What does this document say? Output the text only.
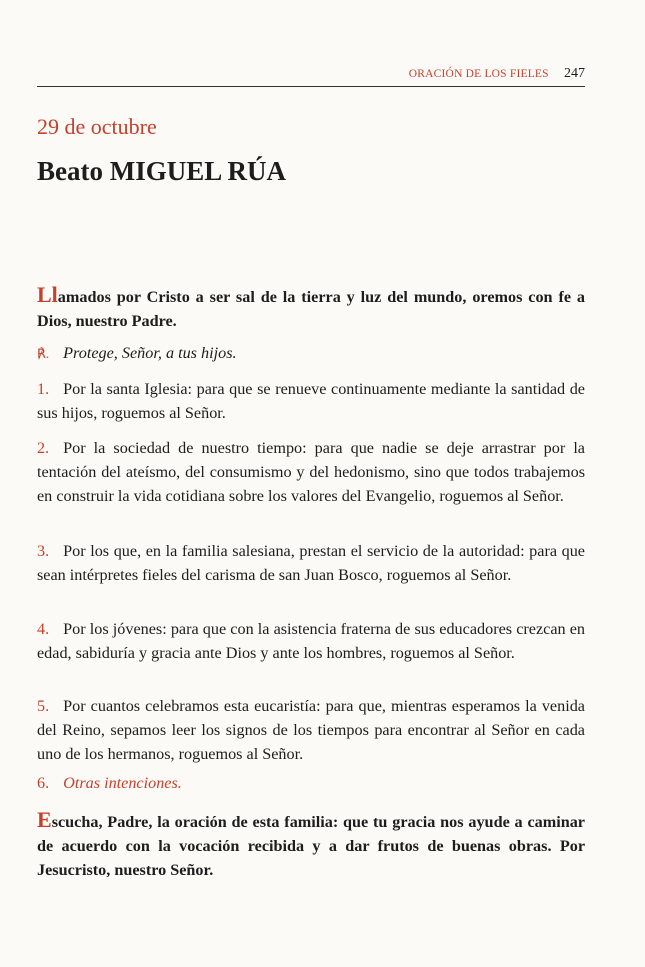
ORACIÓN DE LOS FIELES 247
29 de octubre
Beato MIGUEL RÚA
Llamados por Cristo a ser sal de la tierra y luz del mundo, oremos con fe a Dios, nuestro Padre.
℟. Protege, Señor, a tus hijos.
1. Por la santa Iglesia: para que se renueve continuamente mediante la santidad de sus hijos, roguemos al Señor.
2. Por la sociedad de nuestro tiempo: para que nadie se deje arrastrar por la tentación del ateísmo, del consumismo y del hedonismo, sino que todos trabajemos en construir la vida cotidiana sobre los valores del Evangelio, roguemos al Señor.
3. Por los que, en la familia salesiana, prestan el servicio de la autoridad: para que sean intérpretes fieles del carisma de san Juan Bosco, roguemos al Señor.
4. Por los jóvenes: para que con la asistencia fraterna de sus educadores crezcan en edad, sabiduría y gracia ante Dios y ante los hombres, roguemos al Señor.
5. Por cuantos celebramos esta eucaristía: para que, mientras esperamos la venida del Reino, sepamos leer los signos de los tiempos para encontrar al Señor en cada uno de los hermanos, roguemos al Señor.
6. Otras intenciones.
Escucha, Padre, la oración de esta familia: que tu gracia nos ayude a caminar de acuerdo con la vocación recibida y a dar frutos de buenas obras. Por Jesucristo, nuestro Señor.
